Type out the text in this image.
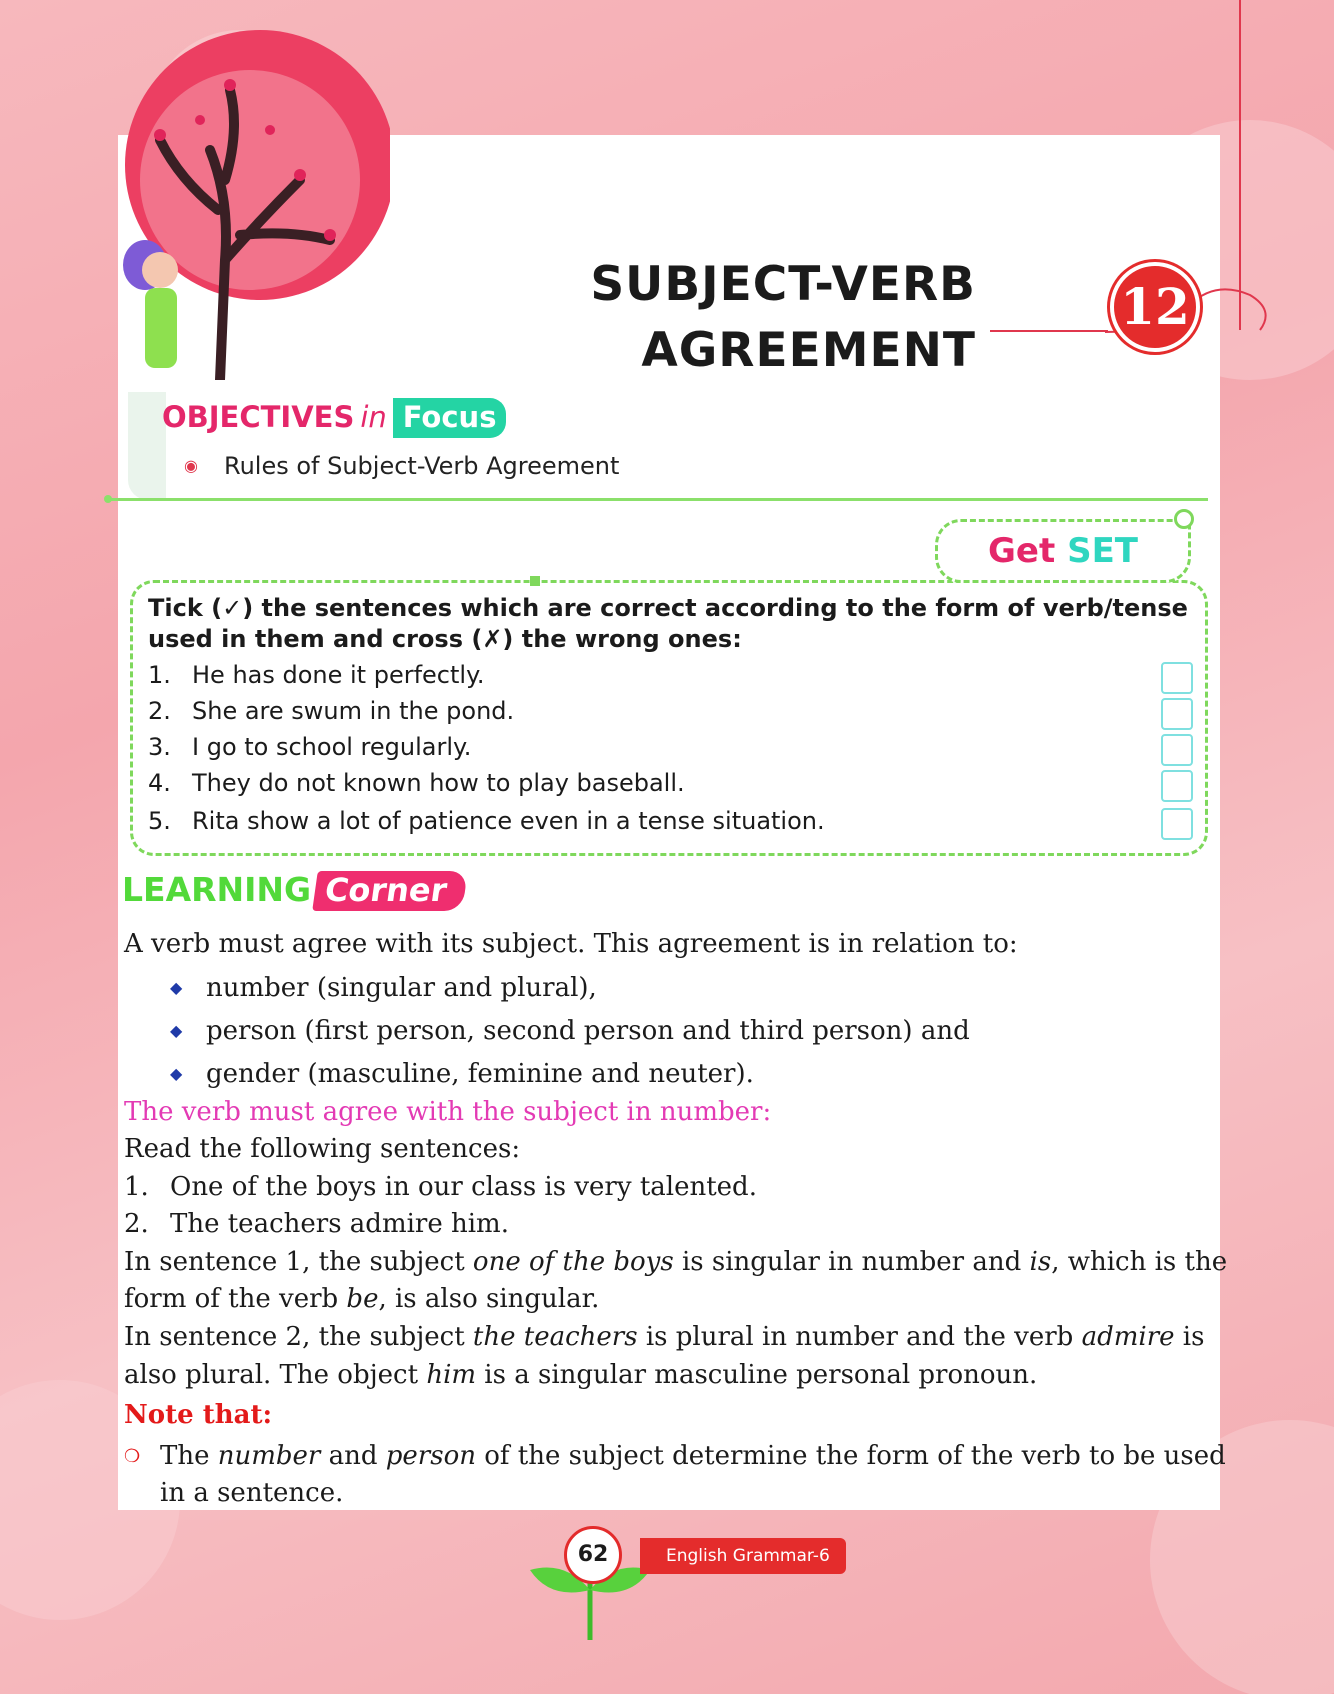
SUBJECT-VERB
AGREEMENT
12
OBJECTIVES in Focus
◉ Rules of Subject-Verb Agreement
Get SET
Tick (✓) the sentences which are correct according to the form of verb/tense
used in them and cross (✗) the wrong ones:
1. He has done it perfectly.
2. She are swum in the pond.
3. I go to school regularly.
4. They do not known how to play baseball.
5. Rita show a lot of patience even in a tense situation.
LEARNING Corner
A verb must agree with its subject. This agreement is in relation to:
◆ number (singular and plural),
◆ person (first person, second person and third person) and
◆ gender (masculine, feminine and neuter).
The verb must agree with the subject in number:
Read the following sentences:
1. One of the boys in our class is very talented.
2. The teachers admire him.
In sentence 1, the subject one of the boys is singular in number and is, which is the
form of the verb be, is also singular.
In sentence 2, the subject the teachers is plural in number and the verb admire is
also plural. The object him is a singular masculine personal pronoun.
Note that:
❍ The number and person of the subject determine the form of the verb to be used
in a sentence.
62	English Grammar-6
